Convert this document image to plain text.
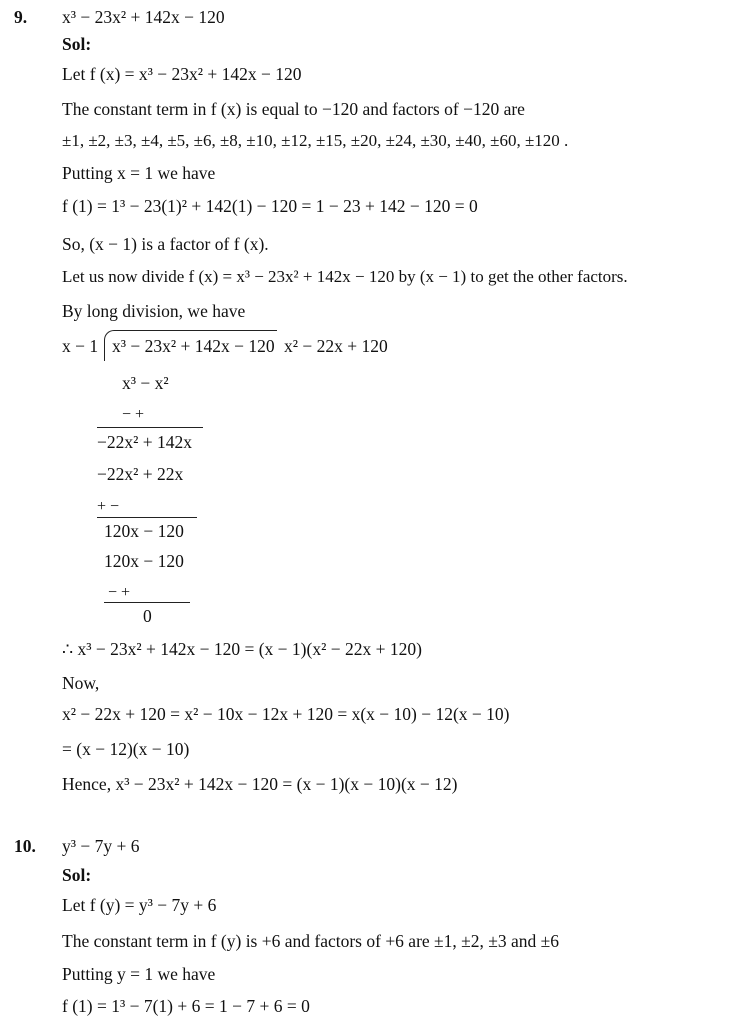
9. x³ − 23x² + 142x − 120
Sol:
Let f (x) = x³ − 23x² + 142x − 120
The constant term in f (x) is equal to −120 and factors of −120 are
±1, ±2, ±3, ±4, ±5, ±6, ±8, ±10, ±12, ±15, ±20, ±24, ±30, ±40, ±60, ±120 .
Putting x = 1 we have
f (1) = 1³ − 23(1)² + 142(1) − 120 = 1 − 23 + 142 − 120 = 0
So, (x − 1) is a factor of f (x).
Let us now divide f (x) = x³ − 23x² + 142x − 120 by (x − 1) to get the other factors.
By long division, we have
x − 1 x³ − 23x² + 142x − 120 x² − 22x + 120
x³ − x²
− +
−22x² + 142x
−22x² + 22x
+ −
120x − 120
120x − 120
− +
0
∴ x³ − 23x² + 142x − 120 = (x − 1)(x² − 22x + 120)
Now,
x² − 22x + 120 = x² − 10x − 12x + 120 = x(x − 10) − 12(x − 10)
= (x − 12)(x − 10)
Hence, x³ − 23x² + 142x − 120 = (x − 1)(x − 10)(x − 12)
10. y³ − 7y + 6
Sol:
Let f (y) = y³ − 7y + 6
The constant term in f (y) is +6 and factors of +6 are ±1, ±2, ±3 and ±6
Putting y = 1 we have
f (1) = 1³ − 7(1) + 6 = 1 − 7 + 6 = 0
